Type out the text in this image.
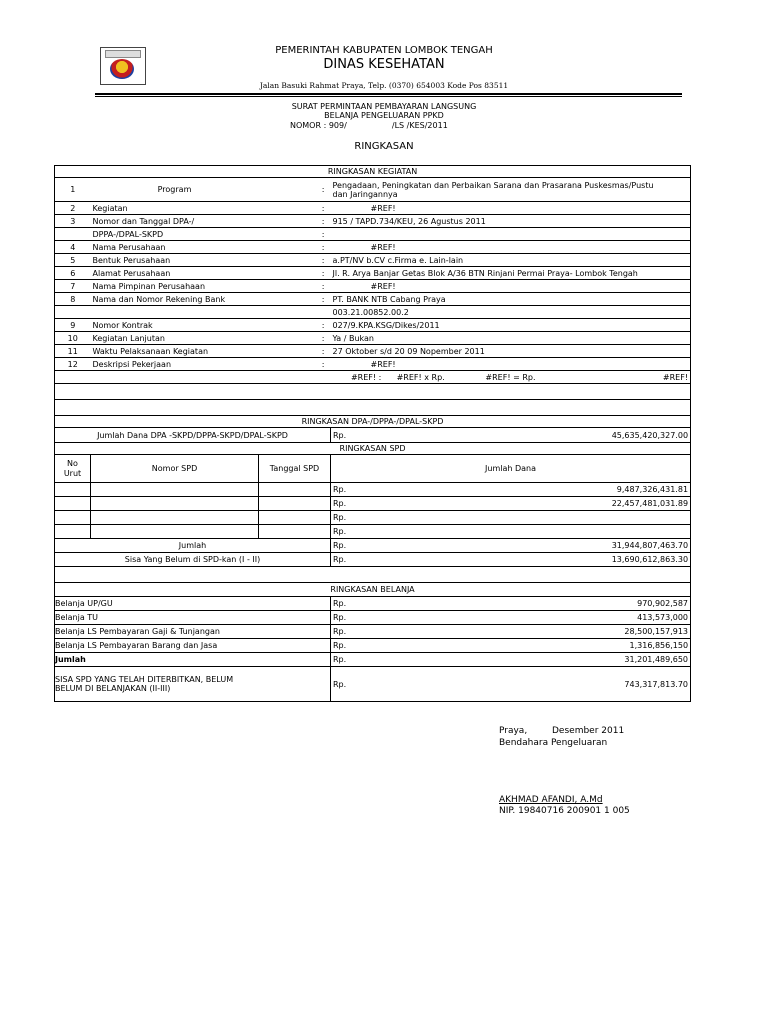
PEMERINTAH KABUPATEN LOMBOK TENGAH
DINAS KESEHATAN
Jalan Basuki Rahmat Praya, Telp. (0370) 654003 Kode Pos 83511
SURAT PERMINTAAN PEMBAYARAN LANGSUNG
BELANJA PENGELUARAN PPKD
NOMOR : 909/	/LS /KES/2011
RINGKASAN
RINGKASAN KEGIATAN				
1	Program	:	Pengadaan, Peningkatan dan Perbaikan Sarana dan Prasarana Puskesmas/Pustu
dan Jaringannya	
2	Kegiatan	:	#REF!	
3	Nomor dan Tanggal DPA-/	:	915 / TAPD.734/KEU, 26 Agustus 2011	
	DPPA-/DPAL-SKPD	:		
4	Nama Perusahaan	:	#REF!	
5	Bentuk Perusahaan	:	a.PT/NV b.CV c.Firma e. Lain-lain	
6	Alamat Perusahaan	:	Jl. R. Arya Banjar Getas Blok A/36 BTN Rinjani Permai Praya- Lombok Tengah	
7	Nama Pimpinan Perusahaan	:	#REF!	
8	Nama dan Nomor Rekening Bank	:	PT. BANK NTB Cabang Praya	
			003.21.00852.00.2	
9	Nomor Kontrak	:	027/9.KPA.KSG/Dikes/2011	
10	Kegiatan Lanjutan	:	Ya / Bukan	
11	Waktu Pelaksanaan Kegiatan	:	27 Oktober s/d 20 09 Nopember 2011	
12	Deskripsi Pekerjaan	:	#REF!	
		#REF! : #REF! x Rp. #REF! = Rp.		#REF!

RINGKASAN DPA-/DPPA-/DPAL-SKPD				
Jumlah Dana DPA -SKPD/DPPA-SKPD/DPAL-SKPD			Rp.	45,635,420,327.00
RINGKASAN SPD				
No
Urut	Nomor SPD	Tanggal SPD	Jumlah Dana	
			Rp.	9,487,326,431.81
			Rp.	22,457,481,031.89
			Rp.	
			Rp.	
Jumlah			Rp.	31,944,807,463.70
Sisa Yang Belum di SPD-kan (I - II)			Rp.	13,690,612,863.30

RINGKASAN BELANJA				
Belanja UP/GU			Rp.	970,902,587
Belanja TU			Rp.	413,573,000
Belanja LS Pembayaran Gaji & Tunjangan			Rp.	28,500,157,913
Belanja LS Pembayaran Barang dan Jasa			Rp.	1,316,856,150
Jumlah			Rp.	31,201,489,650
SISA SPD YANG TELAH DITERBITKAN, BELUM
BELUM DI BELANJAKAN (II-III)			Rp.	743,317,813.70
Praya,	Desember 2011
Bendahara Pengeluaran
AKHMAD AFANDI, A.Md
NIP. 19840716 200901 1 005
